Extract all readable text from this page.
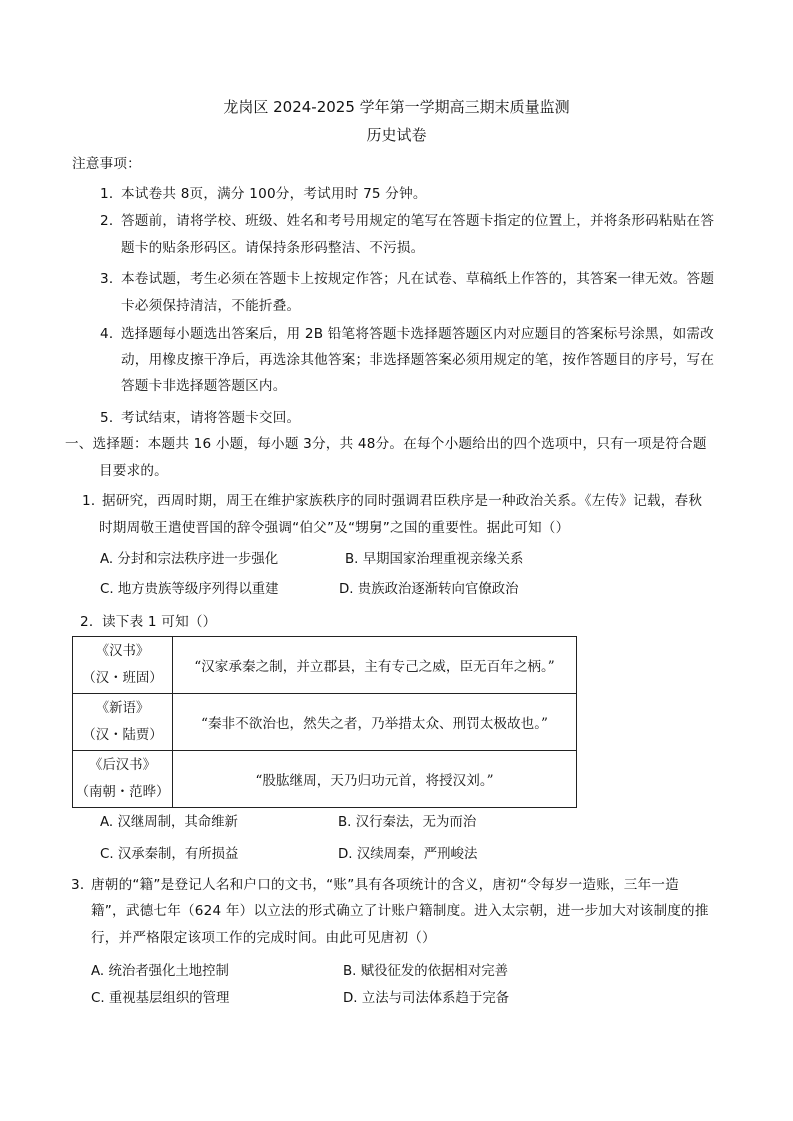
龙岗区 2024-2025 学年第一学期高三期末质量监测
历史试卷
注意事项：
1．
本试卷共 8页，满分 100分，考试用时 75 分钟。
2．
答题前，请将学校、班级、姓名和考号用规定的笔写在答题卡指定的位置上，并将条形码粘贴在答
题卡的贴条形码区。请保持条形码整洁、不污损。
3．
本卷试题，考生必须在答题卡上按规定作答；凡在试卷、草稿纸上作答的，其答案一律无效。答题
卡必须保持清洁，不能折叠。
4．
选择题每小题选出答案后，用 2B 铅笔将答题卡选择题答题区内对应题目的答案标号涂黑，如需改
动，用橡皮擦干净后，再选涂其他答案；非选择题答案必须用规定的笔，按作答题目的序号，写在
答题卡非选择题答题区内。
5．
考试结束，请将答题卡交回。
一、选择题：本题共 16 小题，每小题 3分，共 48分。在每个小题给出的四个选项中，只有一项是符合题
目要求的。
1．
据研究，西周时期，周王在维护家族秩序的同时强调君臣秩序是一种政治关系。《左传》记载，春秋
时期周敬王遣使晋国的辞令强调“伯父”及“甥舅”之国的重要性。据此可知（）
A. 分封和宗法秩序进一步强化	B. 早期国家治理重视亲缘关系
C. 地方贵族等级序列得以重建	D. 贵族政治逐渐转向官僚政治
2． 读下表 1 可知（）
《汉书》
（汉・班固）	“汉家承秦之制，并立郡县，主有专己之威，臣无百年之柄。”

《新语》
（汉・陆贾）	“秦非不欲治也，然失之者，乃举措太众、刑罚太极故也。”

《后汉书》
（南朝・范晔）	“股肱继周，天乃归功元首，将授汉刘。”
A. 汉继周制，其命维新	B. 汉行秦法，无为而治
C. 汉承秦制，有所损益	D. 汉续周秦，严刑峻法
3．
唐朝的“籍”是登记人名和户口的文书，“账”具有各项统计的含义，唐初“令每岁一造账，三年一造
籍”，武德七年（624 年）以立法的形式确立了计账户籍制度。进入太宗朝，进一步加大对该制度的推
行，并严格限定该项工作的完成时间。由此可见唐初（）
A. 统治者强化土地控制	B. 赋役征发的依据相对完善
C. 重视基层组织的管理	D. 立法与司法体系趋于完备
